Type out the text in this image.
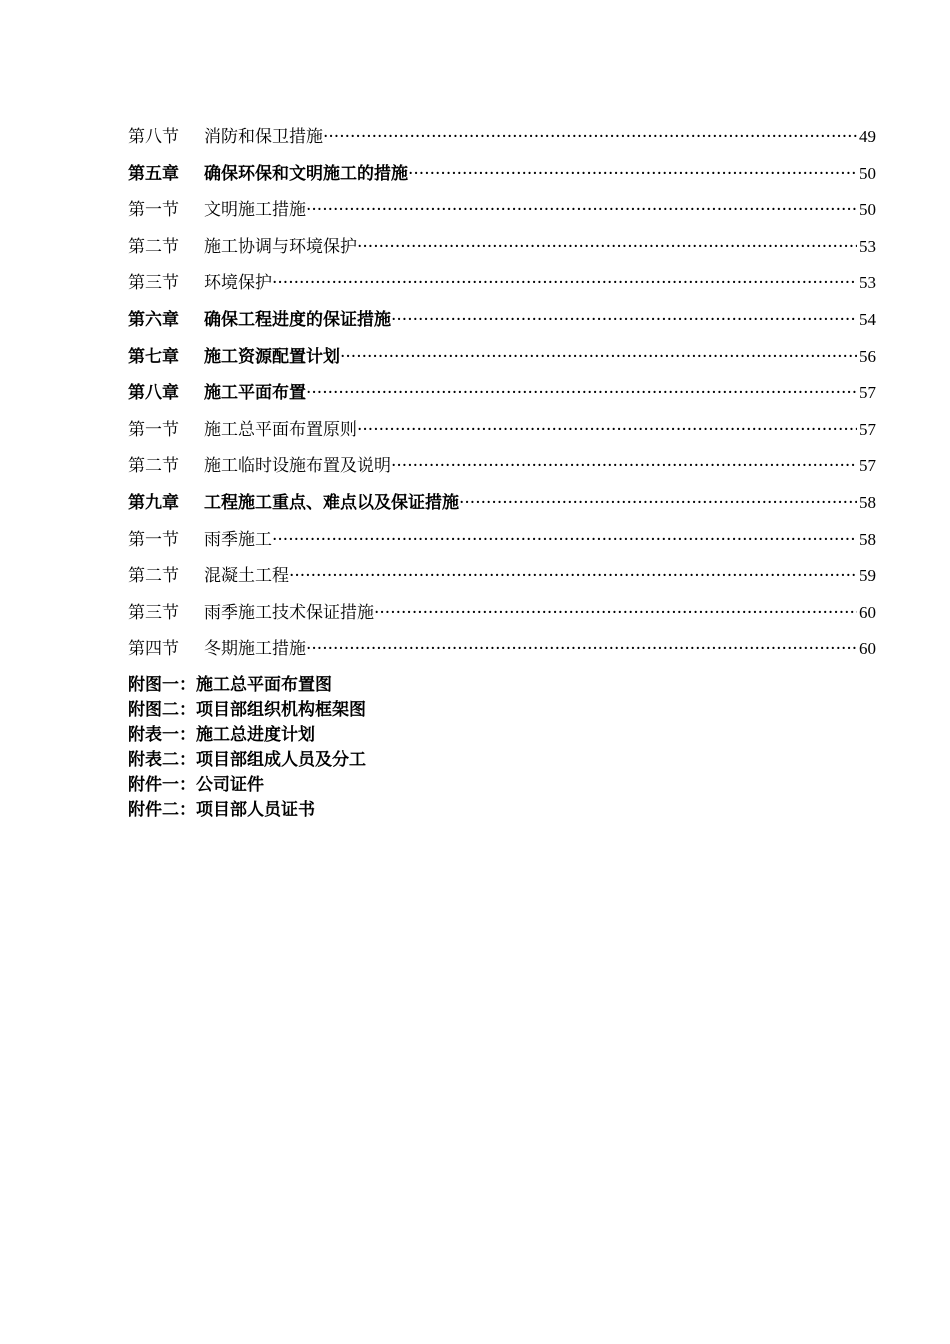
第八节	消防和保卫措施 ·····	49
第五章	确保环保和文明施工的措施 ·····	50
第一节	文明施工措施 ·····	50
第二节	施工协调与环境保护 ·····	53
第三节	环境保护 ·····	53
第六章	确保工程进度的保证措施 ·····	54
第七章	施工资源配置计划 ·····	56
第八章	施工平面布置 ·····	57
第一节	施工总平面布置原则 ·····	57
第二节	施工临时设施布置及说明 ·····	57
第九章	工程施工重点、难点以及保证措施 ·····	58
第一节	雨季施工 ·····	58
第二节	混凝土工程 ·····	59
第三节	雨季施工技术保证措施 ·····	60
第四节	冬期施工措施 ·····	60
附图一：施工总平面布置图
附图二：项目部组织机构框架图
附表一：施工总进度计划
附表二：项目部组成人员及分工
附件一：公司证件
附件二：项目部人员证书
